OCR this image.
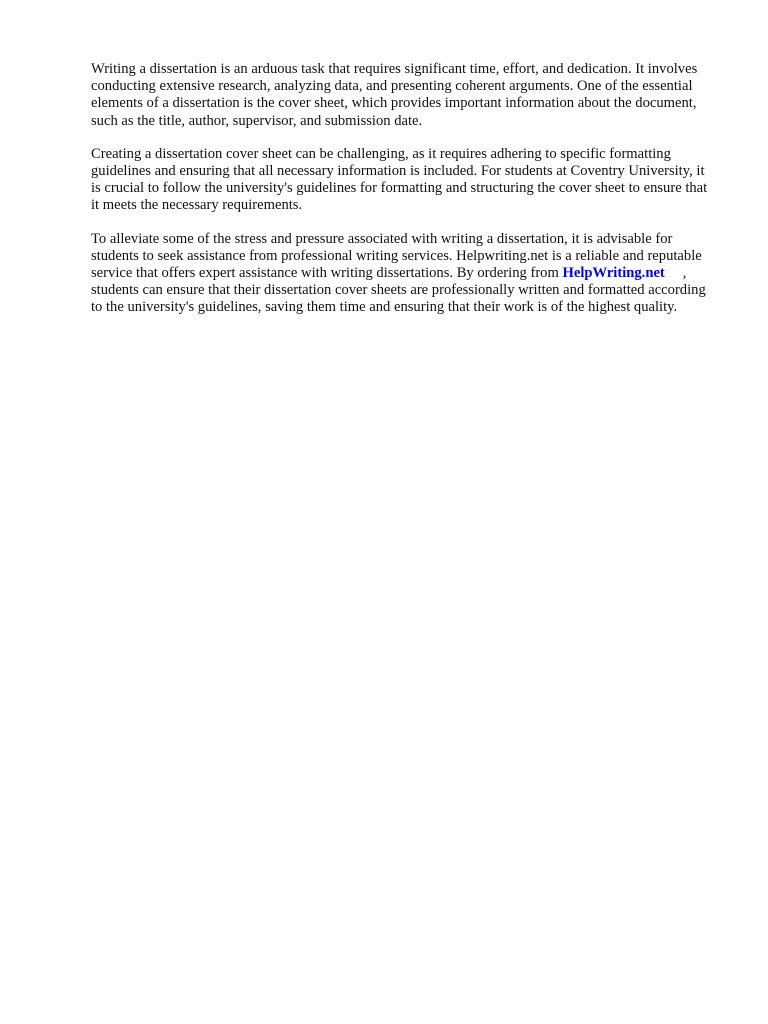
Writing a dissertation is an arduous task that requires significant time, effort, and dedication. It involves conducting extensive research, analyzing data, and presenting coherent arguments. One of the essential elements of a dissertation is the cover sheet, which provides important information about the document, such as the title, author, supervisor, and submission date.

Creating a dissertation cover sheet can be challenging, as it requires adhering to specific formatting guidelines and ensuring that all necessary information is included. For students at Coventry University, it is crucial to follow the university's guidelines for formatting and structuring the cover sheet to ensure that it meets the necessary requirements.

To alleviate some of the stress and pressure associated with writing a dissertation, it is advisable for students to seek assistance from professional writing services. Helpwriting.net is a reliable and reputable service that offers expert assistance with writing dissertations. By ordering from HelpWriting.net , students can ensure that their dissertation cover sheets are professionally written and formatted according to the university's guidelines, saving them time and ensuring that their work is of the highest quality.
